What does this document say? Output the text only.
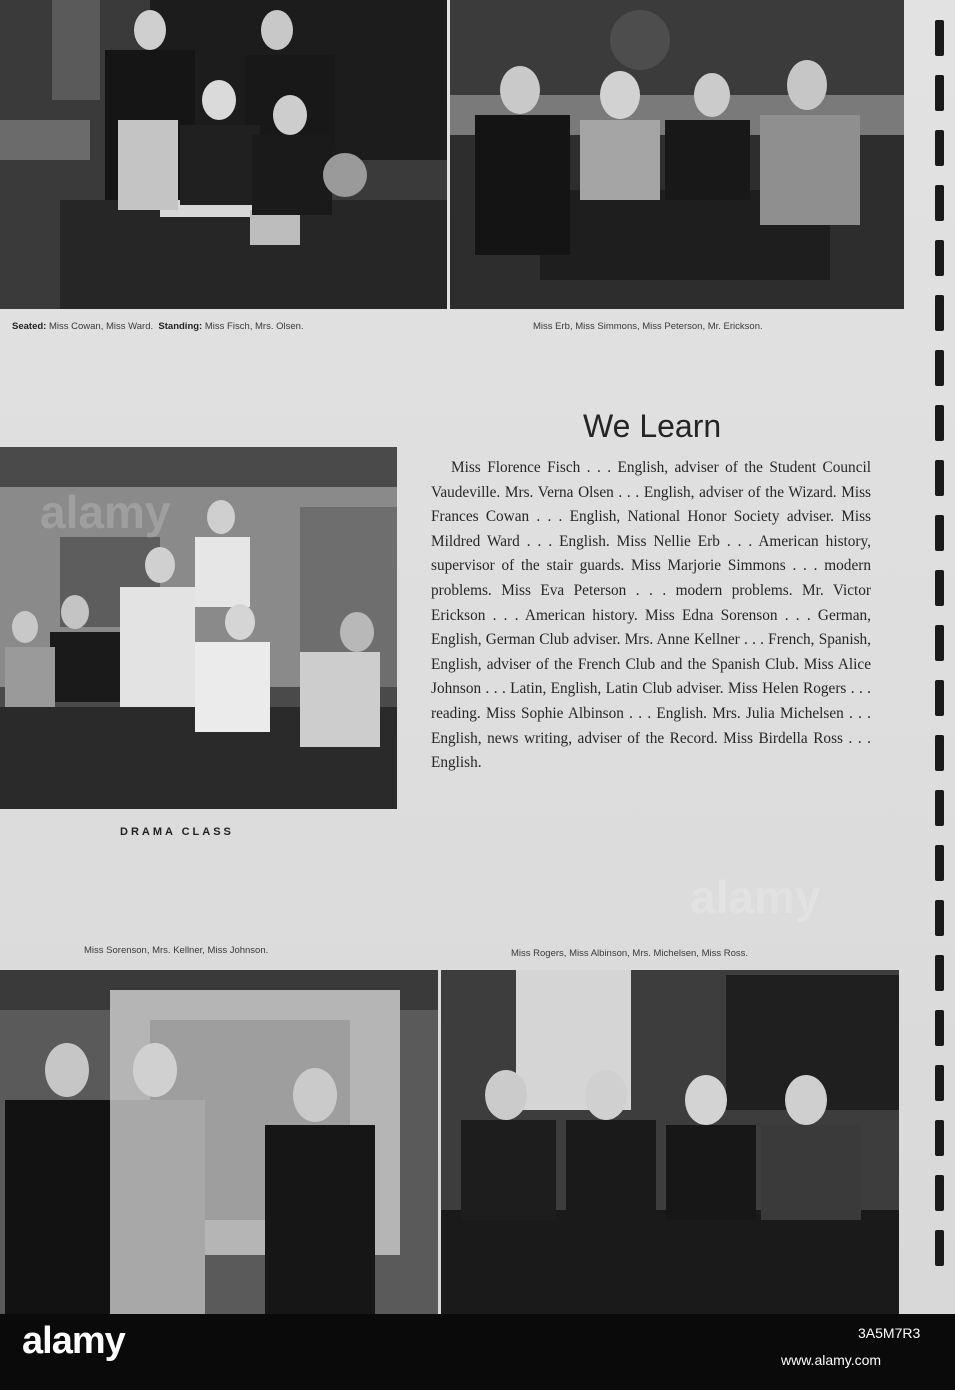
Seated: Miss Cowan, Miss Ward. Standing: Miss Fisch, Mrs. Olsen.	Miss Erb, Miss Simmons, Miss Peterson, Mr. Erickson.
We Learn
Miss Florence Fisch . . . English, adviser of the Student Council Vaudeville. Mrs. Verna Olsen . . . English, adviser of the Wizard. Miss Frances Cowan . . . English, National Honor Society adviser. Miss Mildred Ward . . . English. Miss Nellie Erb . . . American history, supervisor of the stair guards. Miss Marjorie Simmons . . . modern problems. Miss Eva Peterson . . . modern problems. Mr. Victor Erickson . . . American history. Miss Edna Sorenson . . . German, English, German Club adviser. Mrs. Anne Kellner . . . French, Spanish, English, adviser of the French Club and the Spanish Club. Miss Alice Johnson . . . Latin, English, Latin Club adviser. Miss Helen Rogers . . . reading. Miss Sophie Albinson . . . English. Mrs. Julia Michelsen . . . English, news writing, adviser of the Record. Miss Birdella Ross . . . English.
DRAMA CLASS
Miss Sorenson, Mrs. Kellner, Miss Johnson.	Miss Rogers, Miss Albinson, Mrs. Michelsen, Miss Ross.
alamy
alamy
alamy	3A5M7R3
www.alamy.com
